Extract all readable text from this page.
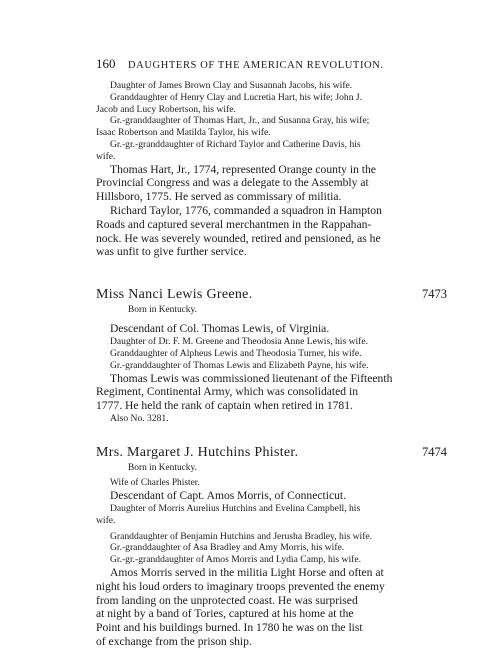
160	DAUGHTERS OF THE AMERICAN REVOLUTION.
Daughter of James Brown Clay and Susannah Jacobs, his wife.
Granddaughter of Henry Clay and Lucretia Hart, his wife; John J.
Jacob and Lucy Robertson, his wife.
Gr.-granddaughter of Thomas Hart, Jr., and Susanna Gray, his wife;
Isaac Robertson and Matilda Taylor, his wife.
Gr.-gr.-granddaughter of Richard Taylor and Catherine Davis, his
wife.
Thomas Hart, Jr., 1774, represented Orange county in the
Provincial Congress and was a delegate to the Assembly at
Hillsboro, 1775. He served as commissary of militia.
Richard Taylor, 1776, commanded a squadron in Hampton
Roads and captured several merchantmen in the Rappahan-
nock. He was severely wounded, retired and pensioned, as he
was unfit to give further service.
Miss Nanci Lewis Greene.	7473
Born in Kentucky.
Descendant of Col. Thomas Lewis, of Virginia.
Daughter of Dr. F. M. Greene and Theodosia Anne Lewis, his wife.
Granddaughter of Alpheus Lewis and Theodosia Turner, his wife.
Gr.-granddaughter of Thomas Lewis and Elizabeth Payne, his wife.
Thomas Lewis was commissioned lieutenant of the Fifteenth
Regiment, Continental Army, which was consolidated in
1777. He held the rank of captain when retired in 1781.
Also No. 3281.
Mrs. Margaret J. Hutchins Phister.	7474
Born in Kentucky.
Wife of Charles Phister.
Descendant of Capt. Amos Morris, of Connecticut.
Daughter of Morris Aurelius Hutchins and Evelina Campbell, his
wife.
Granddaughter of Benjamin Hutchins and Jerusha Bradley, his wife.
Gr.-granddaughter of Asa Bradley and Amy Morris, his wife.
Gr.-gr.-granddaughter of Amos Morris and Lydia Camp, his wife.
Amos Morris served in the militia Light Horse and often at
night his loud orders to imaginary troops prevented the enemy
from landing on the unprotected coast. He was surprised
at night by a band of Tories, captured at his home at the
Point and his buildings burned. In 1780 he was on the list
of exchange from the prison ship.
